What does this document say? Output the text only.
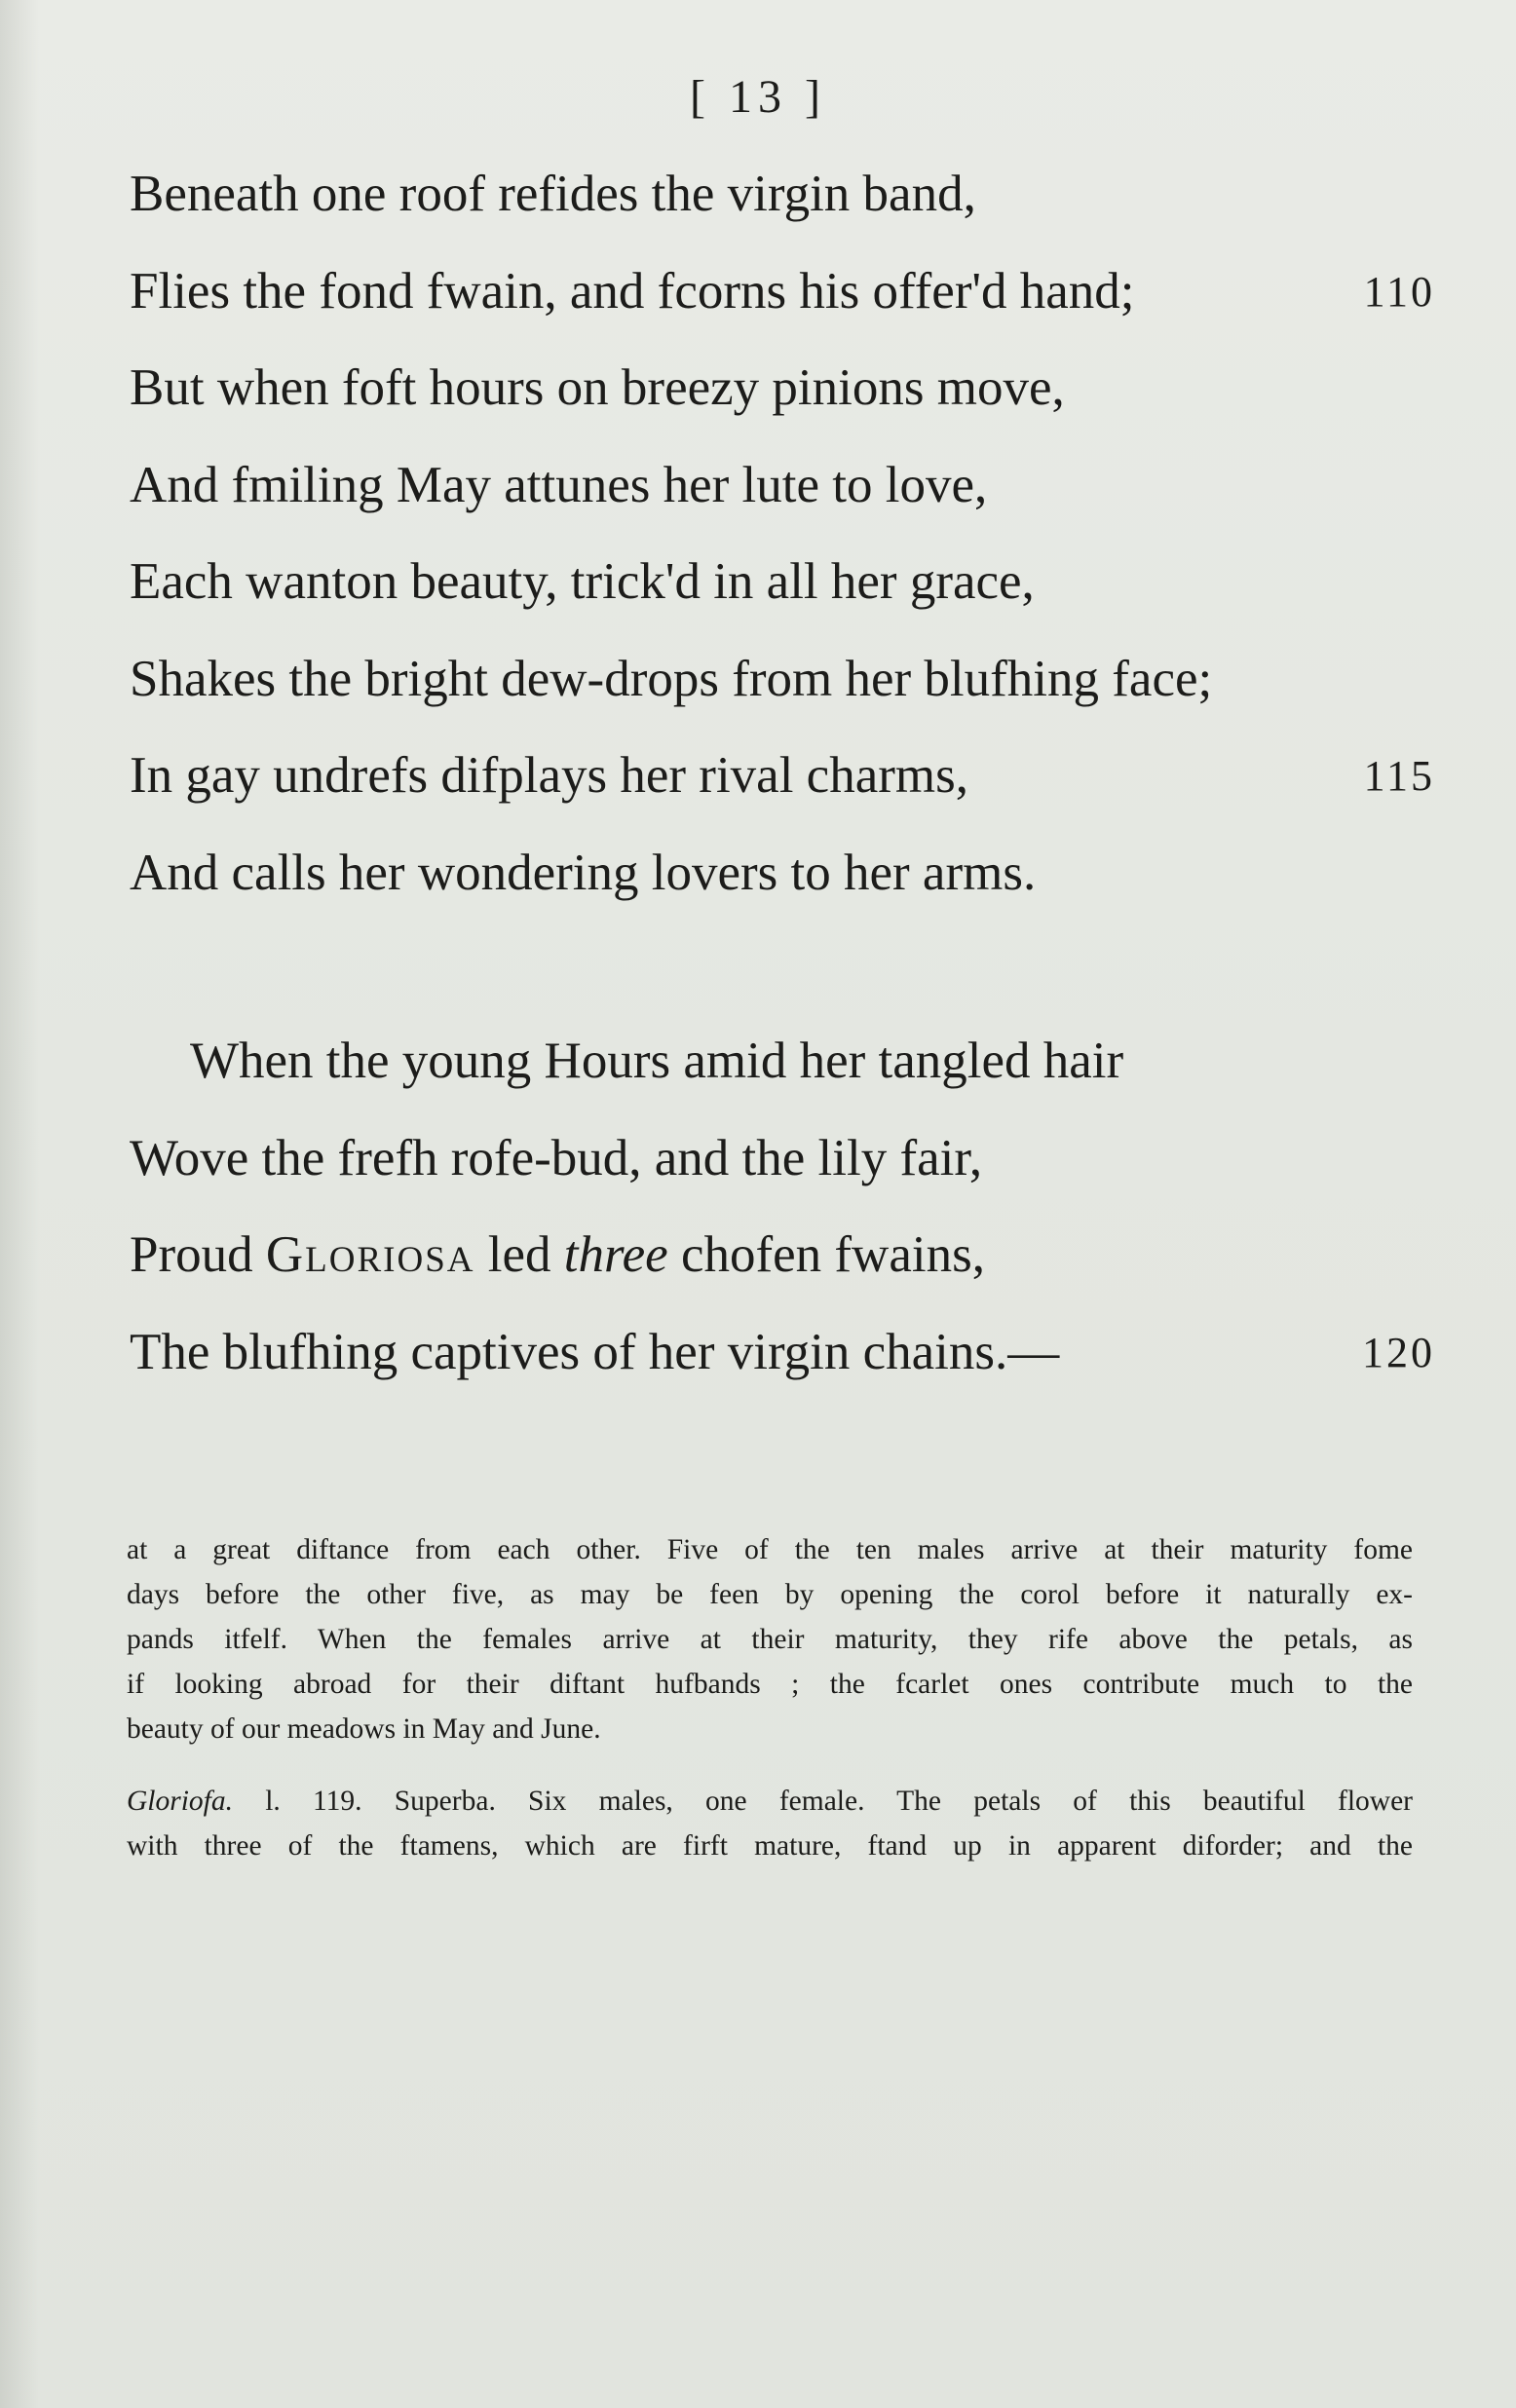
[ 13 ]
Beneath one roof refides the virgin band,
Flies the fond fwain, and fcorns his offer'd hand;	110
But when foft hours on breezy pinions move,
And fmiling May attunes her lute to love,
Each wanton beauty, trick'd in all her grace,
Shakes the bright dew-drops from her blufhing face;
In gay undrefs difplays her rival charms,	115
And calls her wondering lovers to her arms.
When the young Hours amid her tangled hair
Wove the frefh rofe-bud, and the lily fair,
Proud Gloriosa led three chofen fwains,
The blufhing captives of her virgin chains.—	120
at a great diftance from each other. Five of the ten males arrive at their maturity fome
days before the other five, as may be feen by opening the corol before it naturally ex-
pands itfelf. When the females arrive at their maturity, they rife above the petals, as
if looking abroad for their diftant hufbands ; the fcarlet ones contribute much to the
beauty of our meadows in May and June.
Gloriofa. l. 119. Superba. Six males, one female. The petals of this beautiful flower
with three of the ftamens, which are firft mature, ftand up in apparent diforder; and the
